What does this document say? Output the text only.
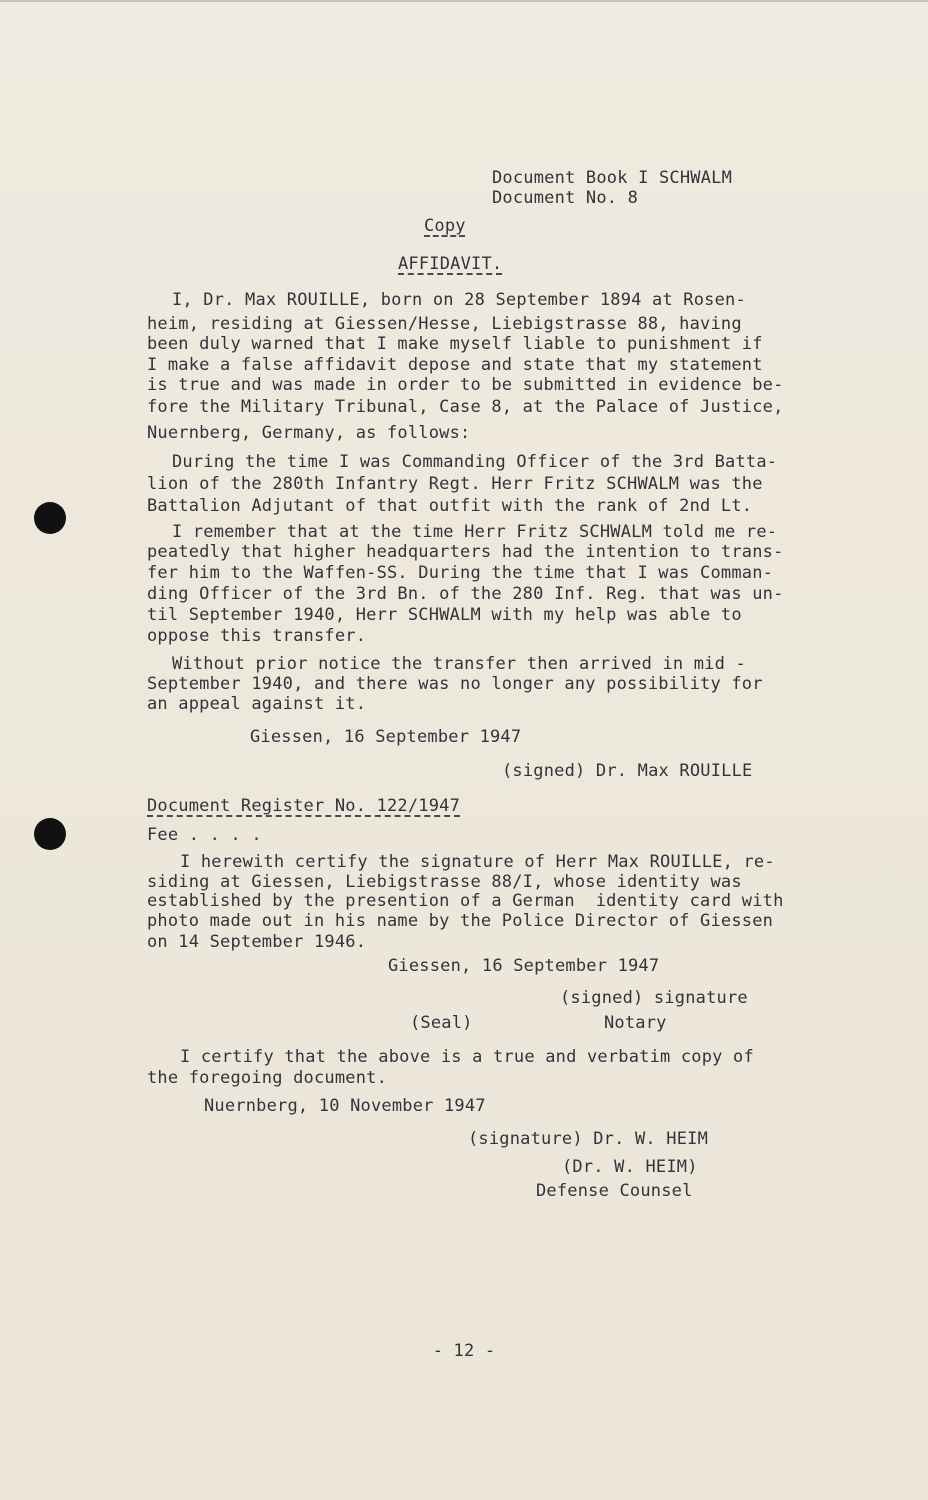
Document Book I SCHWALM
Document No. 8
Copy
AFFIDAVIT.
I, Dr. Max ROUILLE, born on 28 September 1894 at Rosen-
heim, residing at Giessen/Hesse, Liebigstrasse 88, having
been duly warned that I make myself liable to punishment if
I make a false affidavit depose and state that my statement
is true and was made in order to be submitted in evidence be-
fore the Military Tribunal, Case 8, at the Palace of Justice,
Nuernberg, Germany, as follows:
During the time I was Commanding Officer of the 3rd Batta-
lion of the 280th Infantry Regt. Herr Fritz SCHWALM was the
Battalion Adjutant of that outfit with the rank of 2nd Lt.
I remember that at the time Herr Fritz SCHWALM told me re-
peatedly that higher headquarters had the intention to trans-
fer him to the Waffen-SS. During the time that I was Comman-
ding Officer of the 3rd Bn. of the 280 Inf. Reg. that was un-
til September 1940, Herr SCHWALM with my help was able to
oppose this transfer.
Without prior notice the transfer then arrived in mid -
September 1940, and there was no longer any possibility for
an appeal against it.
Giessen, 16 September 1947
(signed) Dr. Max ROUILLE
Document Register No. 122/1947
Fee . . . .
I herewith certify the signature of Herr Max ROUILLE, re-
siding at Giessen, Liebigstrasse 88/I, whose identity was
established by the presention of a German  identity card with
photo made out in his name by the Police Director of Giessen
on 14 September 1946.
Giessen, 16 September 1947
(signed) signature
(Seal)	Notary
I certify that the above is a true and verbatim copy of
the foregoing document.
Nuernberg, 10 November 1947
(signature) Dr. W. HEIM
(Dr. W. HEIM)
Defense Counsel
- 12 -
